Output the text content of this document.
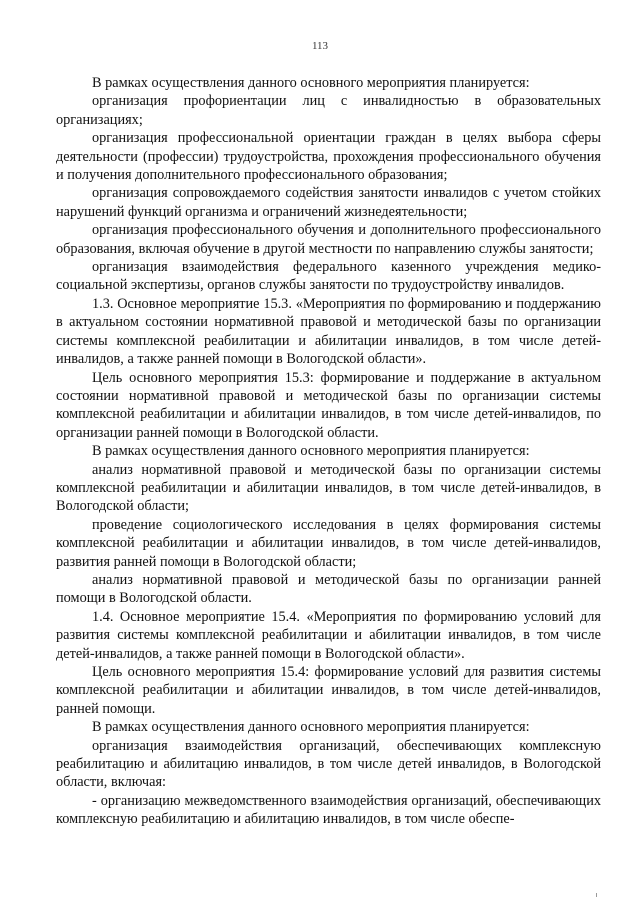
113

В рамках осуществления данного основного мероприятия планируется:

организация профориентации лиц с инвалидностью в образовательных организациях;

организация профессиональной ориентации граждан в целях выбора сферы деятельности (профессии) трудоустройства, прохождения профессионального обучения и получения дополнительного профессионального образования;

организация сопровождаемого содействия занятости инвалидов с учетом стойких нарушений функций организма и ограничений жизнедеятельности;

организация профессионального обучения и дополнительного профессионального образования, включая обучение в другой местности по направлению службы занятости;

организация взаимодействия федерального казенного учреждения медико-социальной экспертизы, органов службы занятости по трудоустройству инвалидов.

1.3. Основное мероприятие 15.3. «Мероприятия по формированию и поддержанию в актуальном состоянии нормативной правовой и методической базы по организации системы комплексной реабилитации и абилитации инвалидов, в том числе детей-инвалидов, а также ранней помощи в Вологодской области».

Цель основного мероприятия 15.3: формирование и поддержание в актуальном состоянии нормативной правовой и методической базы по организации системы комплексной реабилитации и абилитации инвалидов, в том числе детей-инвалидов, по организации ранней помощи в Вологодской области.

В рамках осуществления данного основного мероприятия планируется:

анализ нормативной правовой и методической базы по организации системы комплексной реабилитации и абилитации инвалидов, в том числе детей-инвалидов, в Вологодской области;

проведение социологического исследования в целях формирования системы комплексной реабилитации и абилитации инвалидов, в том числе детей-инвалидов, развития ранней помощи в Вологодской области;

анализ нормативной правовой и методической базы по организации ранней помощи в Вологодской области.

1.4. Основное мероприятие 15.4. «Мероприятия по формированию условий для развития системы комплексной реабилитации и абилитации инвалидов, в том числе детей-инвалидов, а также ранней помощи в Вологодской области».

Цель основного мероприятия 15.4: формирование условий для развития системы комплексной реабилитации и абилитации инвалидов, в том числе детей-инвалидов, ранней помощи.

В рамках осуществления данного основного мероприятия планируется:

организация взаимодействия организаций, обеспечивающих комплексную реабилитацию и абилитацию инвалидов, в том числе детей инвалидов, в Вологодской области, включая:

- организацию межведомственного взаимодействия организаций, обеспечивающих комплексную реабилитацию и абилитацию инвалидов, в том числе обеспе-
